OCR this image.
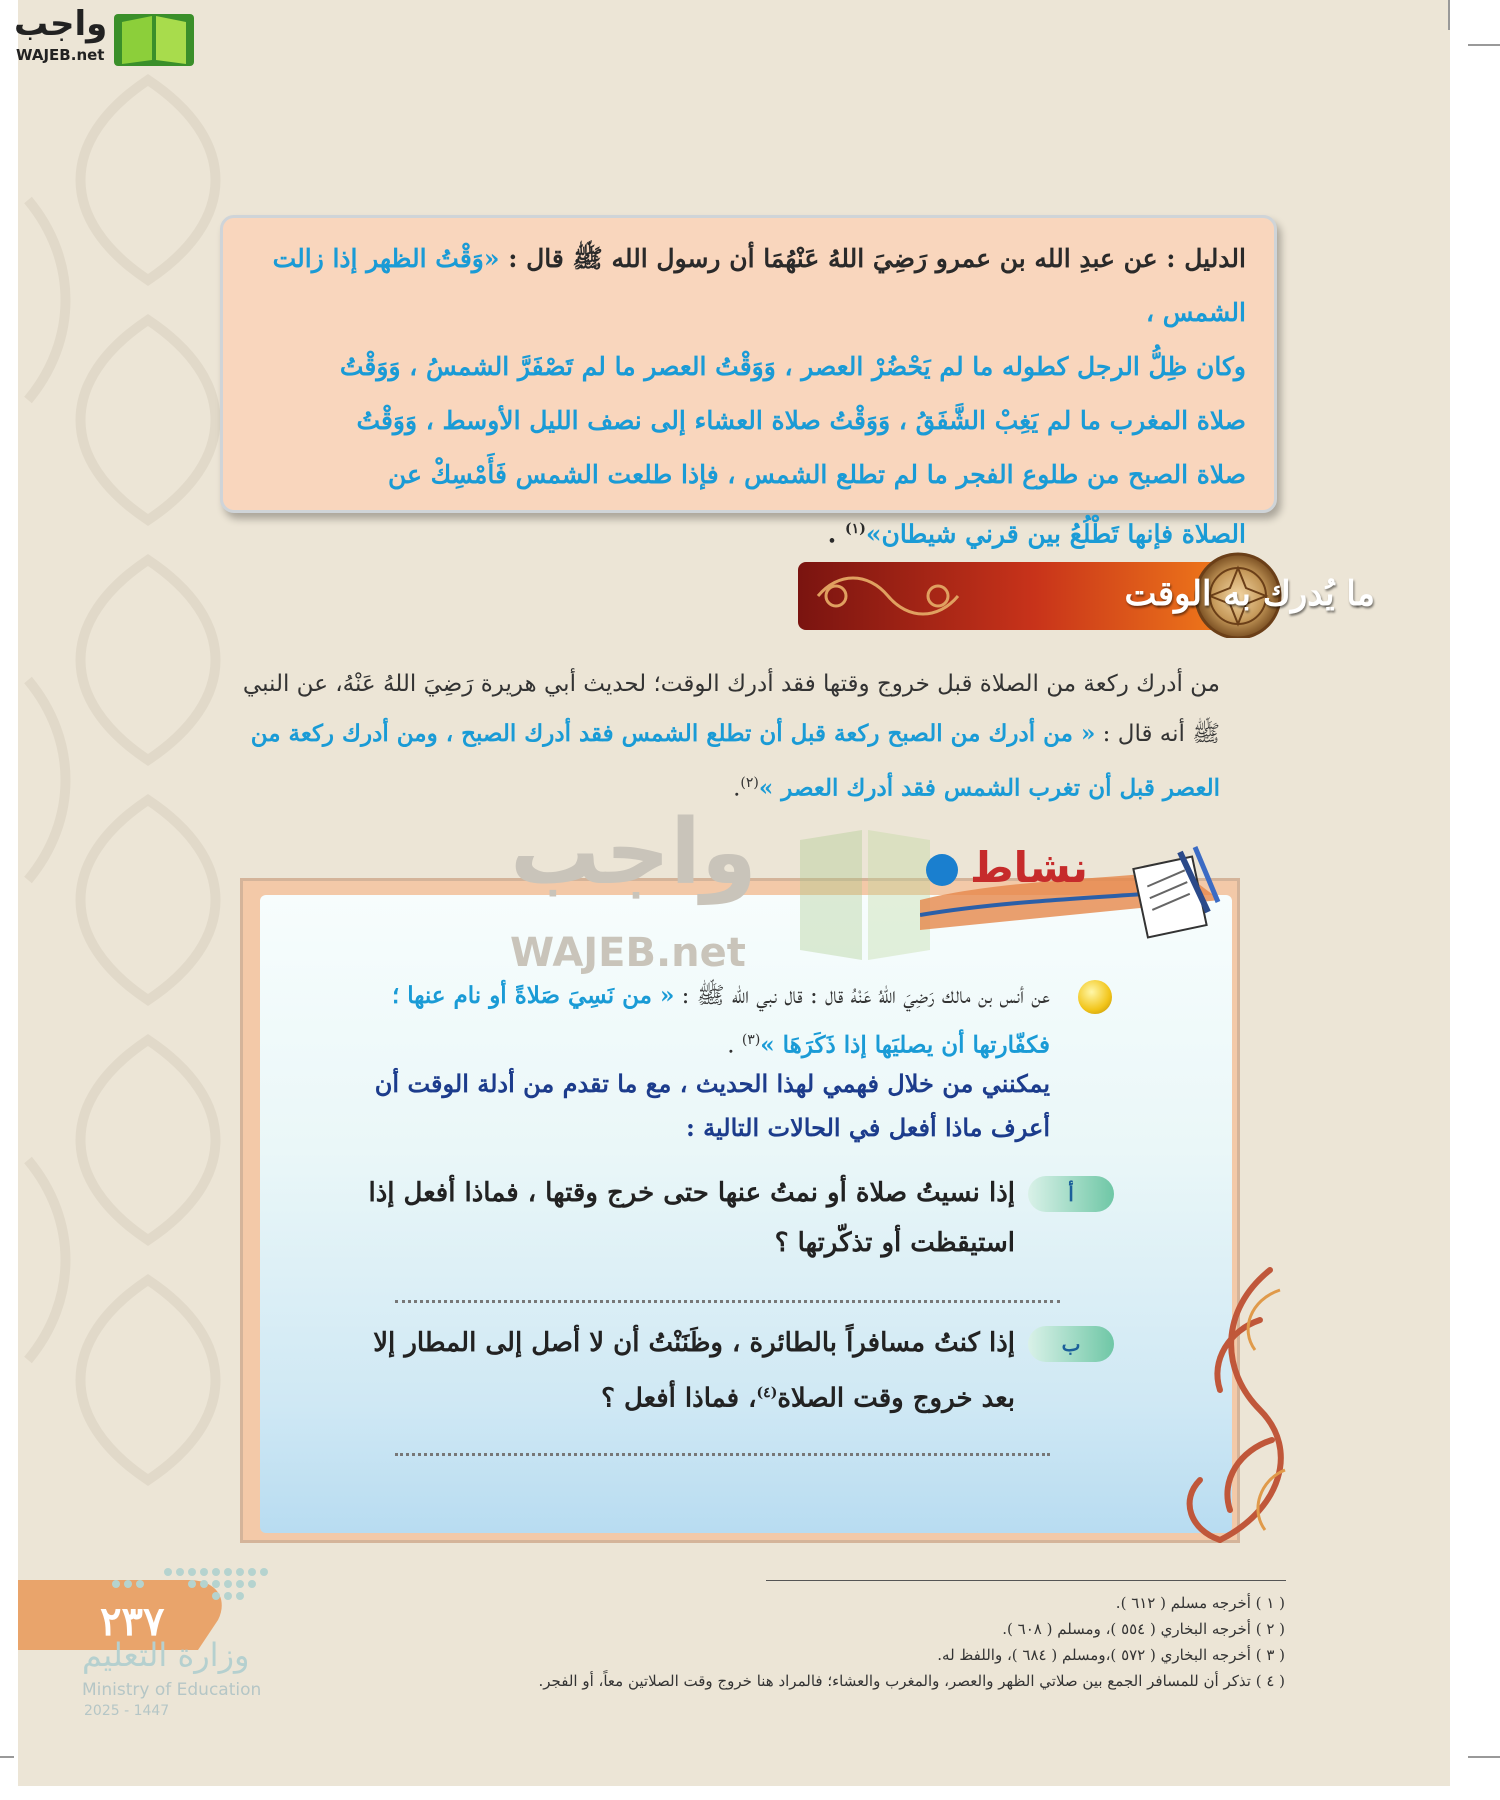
واجب
WAJEB.net
الدليل : عن عبدِ الله بن عمرو رَضِيَ اللهُ عَنْهُمَا أن رسول الله ﷺ قال : «وَقْتُ الظهر إذا زالت الشمس ،
وكان ظِلُّ الرجل كطوله ما لم يَحْضُرْ العصر ، وَوَقْتُ العصر ما لم تَصْفَرَّ الشمسُ ، وَوَقْتُ
صلاة المغرب ما لم يَغِبْ الشَّفَقُ ، وَوَقْتُ صلاة العشاء إلى نصف الليل الأوسط ، وَوَقْتُ
صلاة الصبح من طلوع الفجر ما لم تطلع الشمس ، فإذا طلعت الشمس فَأَمْسِكْ عن
الصلاة فإنها تَطْلُعُ بين قرني شيطان»$^{(١)}$ .
ما يُدرك به الوقت
من أدرك ركعة من الصلاة قبل خروج وقتها فقد أدرك الوقت؛ لحديث أبي هريرة رَضِيَ اللهُ عَنْهُ، عن النبي ﷺ أنه قال : « من أدرك من الصبح ركعة قبل أن تطلع الشمس فقد أدرك الصبح ، ومن أدرك ركعة من العصر قبل أن تغرب الشمس فقد أدرك العصر »$^{(٢)}$.
واجب
WAJEB.net
نشاط
عن أنس بن مالك رَضِيَ اللهُ عَنْهُ قال : قال نبي الله ﷺ : « من نَسِيَ صَلاةً أو نام عنها ؛ فكفّارتها أن يصليَها إذا ذَكَرَهَا »$^{(٣)}$ .
يمكنني من خلال فهمي لهذا الحديث ، مع ما تقدم من أدلة الوقت أن أعرف ماذا أفعل في الحالات التالية :
أ
إذا نسيتُ صلاة أو نمتُ عنها حتى خرج وقتها ، فماذا أفعل إذا استيقظت أو تذكّرتها ؟
ب
إذا كنتُ مسافراً بالطائرة ، وظَنَنْتُ أن لا أصل إلى المطار إلا بعد خروج وقت الصلاة$^{(٤)}$، فماذا أفعل ؟
( ١ ) أخرجه مسلم ( ٦١٢ ).
( ٢ ) أخرجه البخاري ( ٥٥٤ )، ومسلم ( ٦٠٨ ).
( ٣ ) أخرجه البخاري ( ٥٧٢ )،ومسلم ( ٦٨٤ )، واللفظ له.
( ٤ ) تذكر أن للمسافر الجمع بين صلاتي الظهر والعصر، والمغرب والعشاء؛ فالمراد هنا خروج وقت الصلاتين معاً، أو الفجر.
٢٣٧
وزارة التعليم
Ministry of Education
2025 - 1447
